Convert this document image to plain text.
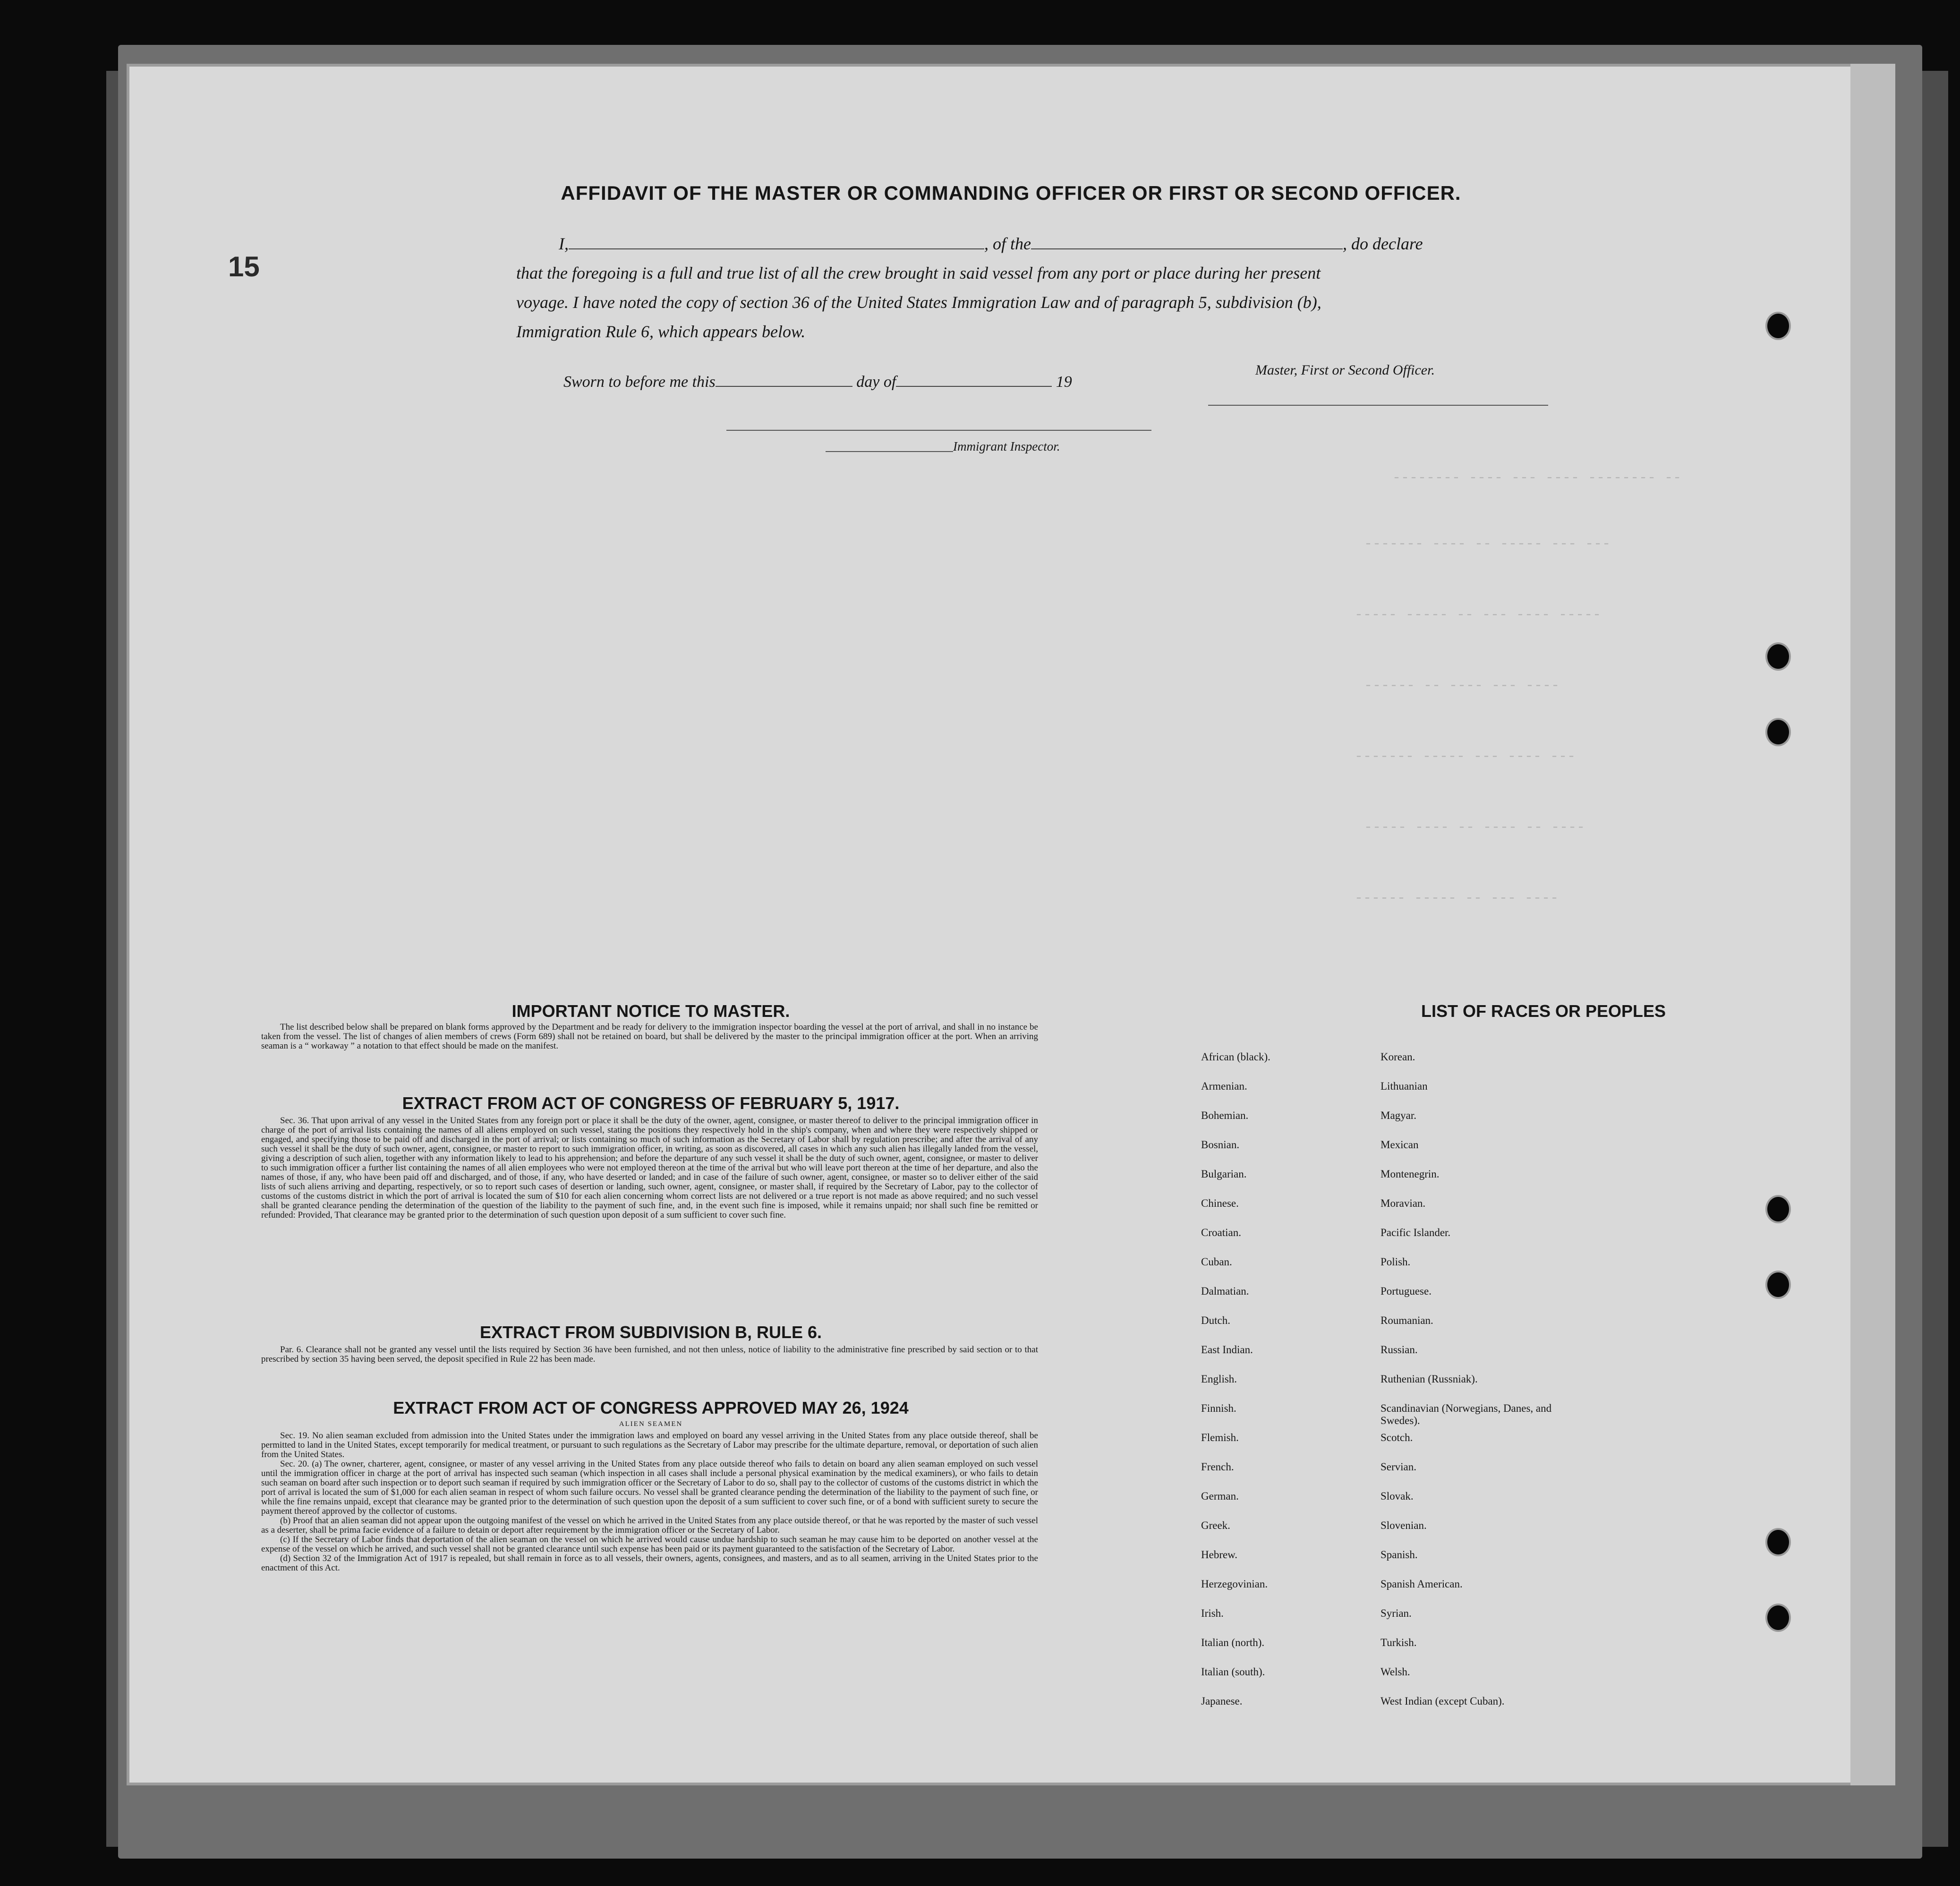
15
-------- ---- --- ---- -------- --
------- ---- -- ----- --- ---
----- ----- -- --- ---- -----
------ -- ---- --- ----
------- ----- --- ---- ---
----- ---- -- ---- -- ----
------ ----- -- --- ----
AFFIDAVIT OF THE MASTER OR COMMANDING OFFICER OR FIRST OR SECOND OFFICER.
I,	, of the	, do declare
that the foregoing is a full and true list of all the crew brought in said vessel from any port or place during her present
voyage. I have noted the copy of section 36 of the United States Immigration Law and of paragraph 5, subdivision (b),
Immigration Rule 6, which appears below.
Master, First or Second Officer.
Sworn to before me this	day of	19
Immigrant Inspector.
IMPORTANT NOTICE TO MASTER.
The list described below shall be prepared on blank forms approved by the Department and be ready for delivery to the immigration inspector boarding the vessel at the port of arrival, and shall in no instance be taken from the vessel. The list of changes of alien members of crews (Form 689) shall not be retained on board, but shall be delivered by the master to the principal immigration officer at the port. When an arriving seaman is a “ workaway ” a notation to that effect should be made on the manifest.
EXTRACT FROM ACT OF CONGRESS OF FEBRUARY 5, 1917.
Sec. 36. That upon arrival of any vessel in the United States from any foreign port or place it shall be the duty of the owner, agent, consignee, or master thereof to deliver to the principal immigration officer in charge of the port of arrival lists containing the names of all aliens employed on such vessel, stating the positions they respectively hold in the ship's company, when and where they were respectively shipped or engaged, and specifying those to be paid off and discharged in the port of arrival; or lists containing so much of such information as the Secretary of Labor shall by regulation prescribe; and after the arrival of any such vessel it shall be the duty of such owner, agent, consignee, or master to report to such immigration officer, in writing, as soon as discovered, all cases in which any such alien has illegally landed from the vessel, giving a description of such alien, together with any information likely to lead to his apprehension; and before the departure of any such vessel it shall be the duty of such owner, agent, consignee, or master to deliver to such immigration officer a further list containing the names of all alien employees who were not employed thereon at the time of the arrival but who will leave port thereon at the time of her departure, and also the names of those, if any, who have been paid off and discharged, and of those, if any, who have deserted or landed; and in case of the failure of such owner, agent, consignee, or master so to deliver either of the said lists of such aliens arriving and departing, respectively, or so to report such cases of desertion or landing, such owner, agent, consignee, or master shall, if required by the Secretary of Labor, pay to the collector of customs of the customs district in which the port of arrival is located the sum of $10 for each alien concerning whom correct lists are not delivered or a true report is not made as above required; and no such vessel shall be granted clearance pending the determination of the question of the liability to the payment of such fine, and, in the event such fine is imposed, while it remains unpaid; nor shall such fine be remitted or refunded: Provided, That clearance may be granted prior to the determination of such question upon deposit of a sum sufficient to cover such fine.
EXTRACT FROM SUBDIVISION B, RULE 6.
Par. 6. Clearance shall not be granted any vessel until the lists required by Section 36 have been furnished, and not then unless, notice of liability to the administrative fine prescribed by said section or to that prescribed by section 35 having been served, the deposit specified in Rule 22 has been made.
EXTRACT FROM ACT OF CONGRESS APPROVED MAY 26, 1924
ALIEN SEAMEN

Sec. 19. No alien seaman excluded from admission into the United States under the immigration laws and employed on board any vessel arriving in the United States from any place outside thereof, shall be permitted to land in the United States, except temporarily for medical treatment, or pursuant to such regulations as the Secretary of Labor may prescribe for the ultimate departure, removal, or deportation of such alien from the United States.

Sec. 20. (a) The owner, charterer, agent, consignee, or master of any vessel arriving in the United States from any place outside thereof who fails to detain on board any alien seaman employed on such vessel until the immigration officer in charge at the port of arrival has inspected such seaman (which inspection in all cases shall include a personal physical examination by the medical examiners), or who fails to detain such seaman on board after such inspection or to deport such seaman if required by such immigration officer or the Secretary of Labor to do so, shall pay to the collector of customs of the customs district in which the port of arrival is located the sum of $1,000 for each alien seaman in respect of whom such failure occurs. No vessel shall be granted clearance pending the determination of the liability to the payment of such fine, or while the fine remains unpaid, except that clearance may be granted prior to the determination of such question upon the deposit of a sum sufficient to cover such fine, or of a bond with sufficient surety to secure the payment thereof approved by the collector of customs.

(b) Proof that an alien seaman did not appear upon the outgoing manifest of the vessel on which he arrived in the United States from any place outside thereof, or that he was reported by the master of such vessel as a deserter, shall be prima facie evidence of a failure to detain or deport after requirement by the immigration officer or the Secretary of Labor.

(c) If the Secretary of Labor finds that deportation of the alien seaman on the vessel on which he arrived would cause undue hardship to such seaman he may cause him to be deported on another vessel at the expense of the vessel on which he arrived, and such vessel shall not be granted clearance until such expense has been paid or its payment guaranteed to the satisfaction of the Secretary of Labor.

(d) Section 32 of the Immigration Act of 1917 is repealed, but shall remain in force as to all vessels, their owners, agents, consignees, and masters, and as to all seamen, arriving in the United States prior to the enactment of this Act.

LIST OF RACES OR PEOPLES
African (black).
Armenian.
Bohemian.
Bosnian.
Bulgarian.
Chinese.
Croatian.
Cuban.
Dalmatian.
Dutch.
East Indian.
English.
Finnish.
Flemish.
French.
German.
Greek.
Hebrew.
Herzegovinian.
Irish.
Italian (north).
Italian (south).
Japanese.
Korean.
Lithuanian
Magyar.
Mexican
Montenegrin.
Moravian.
Pacific Islander.
Polish.
Portuguese.
Roumanian.
Russian.
Ruthenian (Russniak).
Scandinavian (Norwegians, Danes, and Swedes).
Scotch.
Servian.
Slovak.
Slovenian.
Spanish.
Spanish American.
Syrian.
Turkish.
Welsh.
West Indian (except Cuban).
